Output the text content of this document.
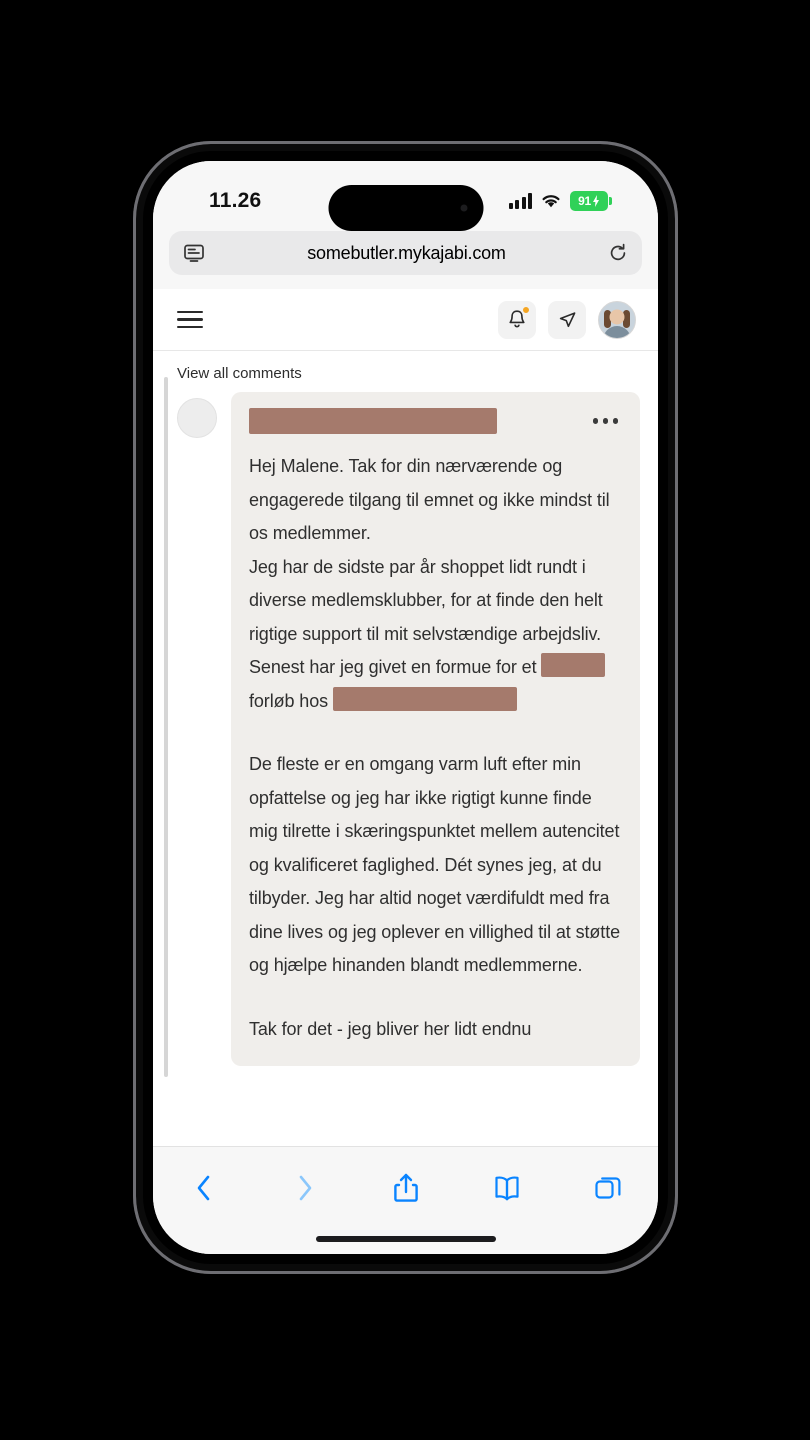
11.26	91
somebutler.mykajabi.com
View all comments

Hej Malene. Tak for din nærværende og engagerede tilgang til emnet og ikke mindst til os medlemmer.

Jeg har de sidste par år shoppet lidt rundt i diverse medlemsklubber, for at finde den helt rigtige support til mit selvstændige arbejdsliv. Senest har jeg givet en formue for et
forløb hos

De fleste er en omgang varm luft efter min opfattelse og jeg har ikke rigtigt kunne finde mig tilrette i skæringspunktet mellem autencitet og kvalificeret faglighed. Dét synes jeg, at du tilbyder. Jeg har altid noget værdifuldt med fra dine lives og jeg oplever en villighed til at støtte og hjælpe hinanden blandt medlemmerne.

Tak for det - jeg bliver her lidt endnu
